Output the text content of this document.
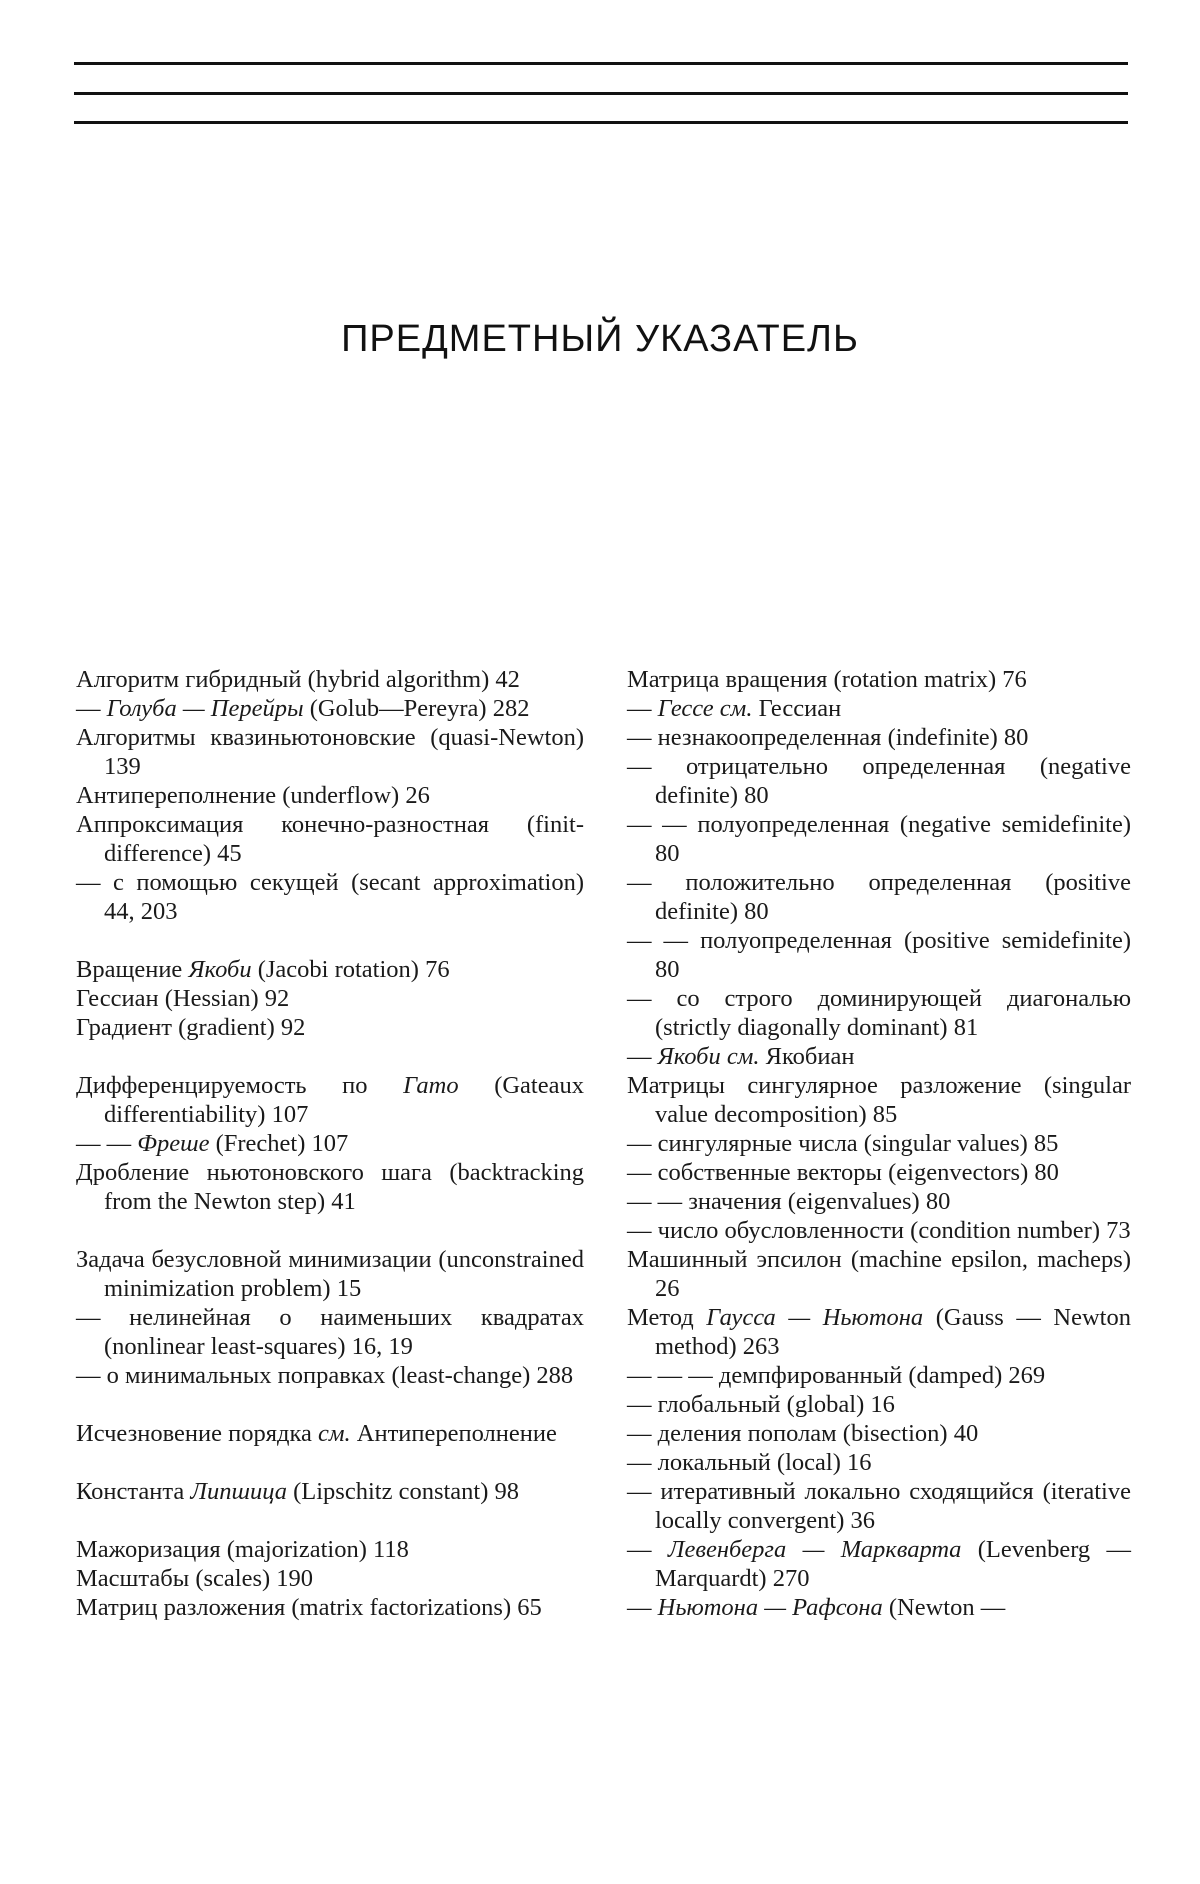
ПРЕДМЕТНЫЙ УКАЗАТЕЛЬ
Алгоритм гибридный (hybrid algorithm) 42
— Голуба — Перейры (Golub—Pereyra) 282
Алгоритмы квазиньютоновские (quasi-Newton) 139
Антипереполнение (underflow) 26
Аппроксимация конечно-разностная (finit-difference) 45
— с помощью секущей (secant approximation) 44, 203
Вращение Якоби (Jacobi rotation) 76
Гессиан (Hessian) 92
Градиент (gradient) 92
Дифференцируемость по Гато (Gateaux differentiability) 107
— — Фреше (Frechet) 107
Дробление ньютоновского шага (backtracking from the Newton step) 41
Задача безусловной минимизации (unconstrained minimization problem) 15
— нелинейная о наименьших квадратах (nonlinear least-squares) 16, 19
— о минимальных поправках (least-change) 288
Исчезновение порядка см. Антипереполнение
Константа Липшица (Lipschitz constant) 98
Мажоризация (majorization) 118
Масштабы (scales) 190
Матриц разложения (matrix factorizations) 65
Матрица вращения (rotation matrix) 76
— Гессе см. Гессиан
— незнакоопределенная (indefinite) 80
— отрицательно определенная (negative definite) 80
— — полуопределенная (negative semidefinite) 80
— положительно определенная (positive definite) 80
— — полуопределенная (positive semidefinite) 80
— со строго доминирующей диагональю (strictly diagonally dominant) 81
— Якоби см. Якобиан
Матрицы сингулярное разложение (singular value decomposition) 85
— сингулярные числа (singular values) 85
— собственные векторы (eigenvectors) 80
— — значения (eigenvalues) 80
— число обусловленности (condition number) 73
Машинный эпсилон (machine epsilon, macheps) 26
Метод Гаусса — Ньютона (Gauss — Newton method) 263
— — — демпфированный (damped) 269
— глобальный (global) 16
— деления пополам (bisection) 40
— локальный (local) 16
— итеративный локально сходящийся (iterative locally convergent) 36
— Левенберга — Марквартa (Levenberg — Marquardt) 270
— Ньютона — Рафсона (Newton —
